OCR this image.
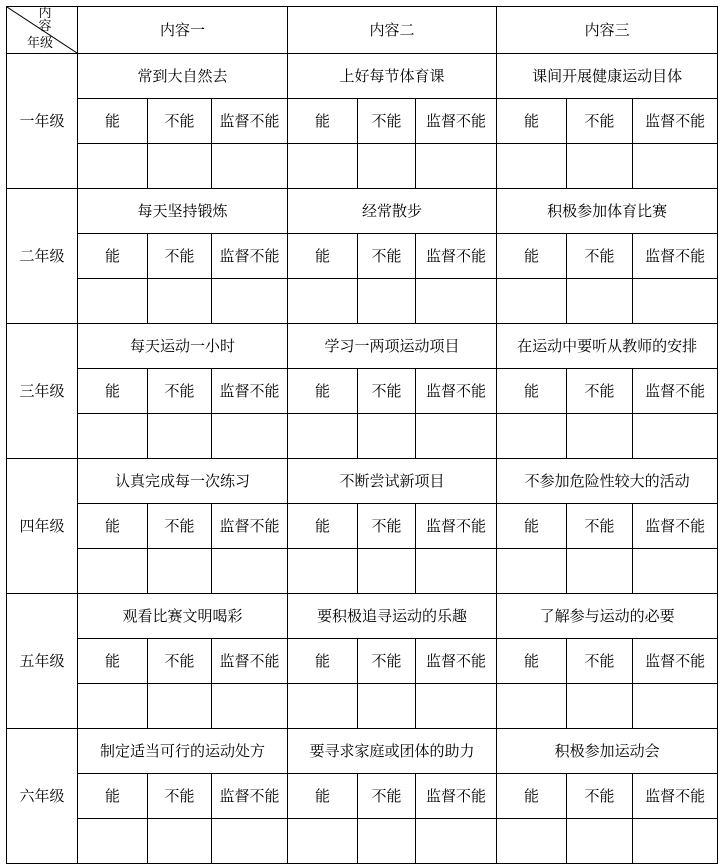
内容
年级	内容一			内容二			内容三		
一年级	常到大自然去			上好每节体育课			课间开展健康运动目体		
	能	不能	监督不能	能	不能	监督不能	能	不能	监督不能

二年级	每天坚持锻炼			经常散步			积极参加体育比赛		
	能	不能	监督不能	能	不能	监督不能	能	不能	监督不能

三年级	每天运动一小时			学习一两项运动项目			在运动中要听从教师的安排		
	能	不能	监督不能	能	不能	监督不能	能	不能	监督不能

四年级	认真完成每一次练习			不断尝试新项目			不参加危险性较大的活动		
	能	不能	监督不能	能	不能	监督不能	能	不能	监督不能

五年级	观看比赛文明喝彩			要积极追寻运动的乐趣			了解参与运动的必要		
	能	不能	监督不能	能	不能	监督不能	能	不能	监督不能

六年级	制定适当可行的运动处方			要寻求家庭或团体的助力			积极参加运动会		
	能	不能	监督不能	能	不能	监督不能	能	不能	监督不能
